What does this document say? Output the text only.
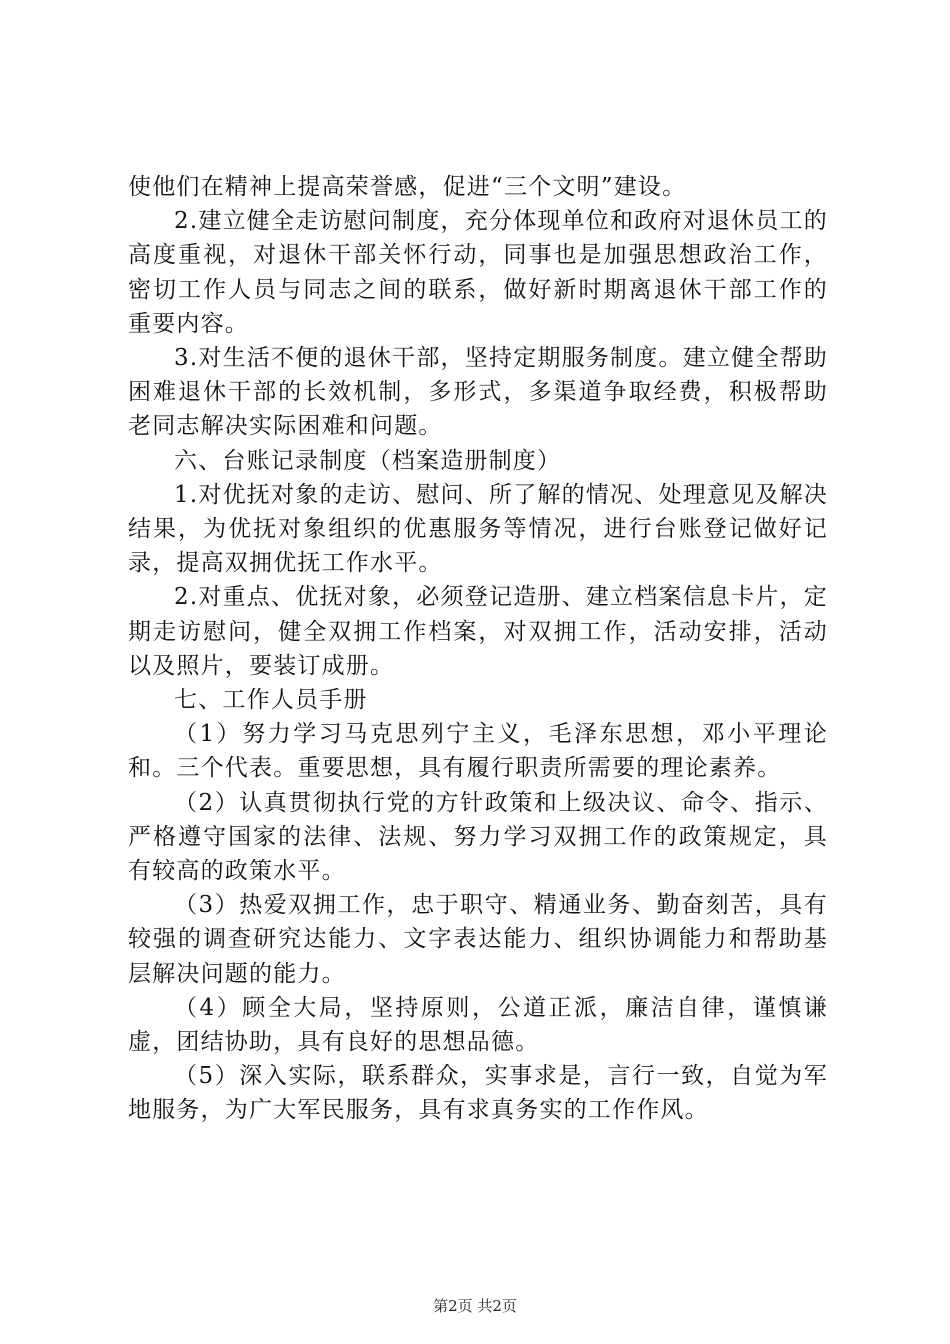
使他们在精神上提高荣誉感，促进“三个文明”建设。

2.建立健全走访慰问制度，充分体现单位和政府对退休员工的高度重视，对退休干部关怀行动，同事也是加强思想政治工作，密切工作人员与同志之间的联系，做好新时期离退休干部工作的重要内容。

3.对生活不便的退休干部，坚持定期服务制度。建立健全帮助困难退休干部的长效机制，多形式，多渠道争取经费，积极帮助老同志解决实际困难和问题。

六、台账记录制度（档案造册制度）

1.对优抚对象的走访、慰问、所了解的情况、处理意见及解决结果，为优抚对象组织的优惠服务等情况，进行台账登记做好记录，提高双拥优抚工作水平。

2.对重点、优抚对象，必须登记造册、建立档案信息卡片，定期走访慰问，健全双拥工作档案，对双拥工作，活动安排，活动以及照片，要装订成册。

七、工作人员手册

（1）努力学习马克思列宁主义，毛泽东思想，邓小平理论和。三个代表。重要思想，具有履行职责所需要的理论素养。

（2）认真贯彻执行党的方针政策和上级决议、命令、指示、严格遵守国家的法律、法规、努力学习双拥工作的政策规定，具有较高的政策水平。

（3）热爱双拥工作，忠于职守、精通业务、勤奋刻苦，具有较强的调查研究达能力、文字表达能力、组织协调能力和帮助基层解决问题的能力。

（4）顾全大局，坚持原则，公道正派，廉洁自律，谨慎谦虚，团结协助，具有良好的思想品德。

（5）深入实际，联系群众，实事求是，言行一致，自觉为军地服务，为广大军民服务，具有求真务实的工作作风。

第2页 共2页
